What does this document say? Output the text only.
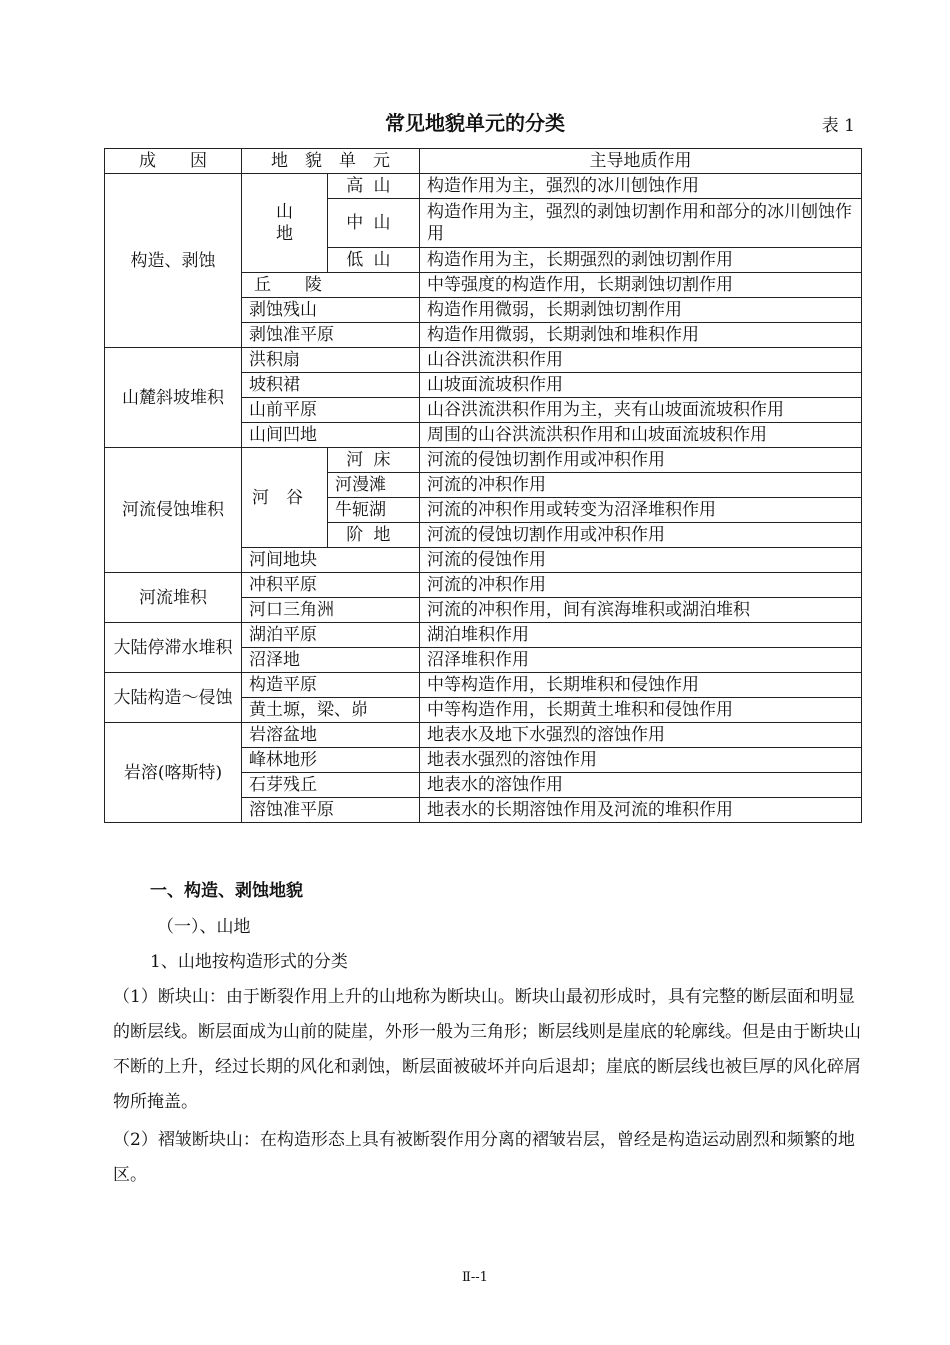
常见地貌单元的分类	表 1
成　　因	地　貌　单　元		主导地质作用
构造、剥蚀	山地	高山	构造作用为主，强烈的冰川刨蚀作用
		中山	构造作用为主，强烈的剥蚀切割作用和部分的冰川刨蚀作用
		低山	构造作用为主，长期强烈的剥蚀切割作用
	丘　　陵		中等强度的构造作用，长期剥蚀切割作用
	剥蚀残山		构造作用微弱，长期剥蚀切割作用
	剥蚀准平原		构造作用微弱，长期剥蚀和堆积作用
山麓斜坡堆积	洪积扇		山谷洪流洪积作用
	坡积裙		山坡面流坡积作用
	山前平原		山谷洪流洪积作用为主，夹有山坡面流坡积作用
	山间凹地		周围的山谷洪流洪积作用和山坡面流坡积作用
河流侵蚀堆积	河　谷	河床	河流的侵蚀切割作用或冲积作用
		河漫滩	河流的冲积作用
		牛轭湖	河流的冲积作用或转变为沼泽堆积作用
		阶地	河流的侵蚀切割作用或冲积作用
	河间地块		河流的侵蚀作用
河流堆积	冲积平原		河流的冲积作用
	河口三角洲		河流的冲积作用，间有滨海堆积或湖泊堆积
大陆停滞水堆积	湖泊平原		湖泊堆积作用
	沼泽地		沼泽堆积作用
大陆构造～侵蚀	构造平原		中等构造作用，长期堆积和侵蚀作用
	黄土塬，梁、峁		中等构造作用，长期黄土堆积和侵蚀作用
岩溶(喀斯特)	岩溶盆地		地表水及地下水强烈的溶蚀作用
	峰林地形		地表水强烈的溶蚀作用
	石芽残丘		地表水的溶蚀作用
	溶蚀准平原		地表水的长期溶蚀作用及河流的堆积作用
一、构造、剥蚀地貌
（一）、山地
1、山地按构造形式的分类
（1）断块山：由于断裂作用上升的山地称为断块山。断块山最初形成时，具有完整的断层面和明显的断层线。断层面成为山前的陡崖，外形一般为三角形；断层线则是崖底的轮廓线。但是由于断块山不断的上升，经过长期的风化和剥蚀，断层面被破坏并向后退却；崖底的断层线也被巨厚的风化碎屑物所掩盖。
（2）褶皱断块山：在构造形态上具有被断裂作用分离的褶皱岩层，曾经是构造运动剧烈和频繁的地区。
Ⅱ--1
